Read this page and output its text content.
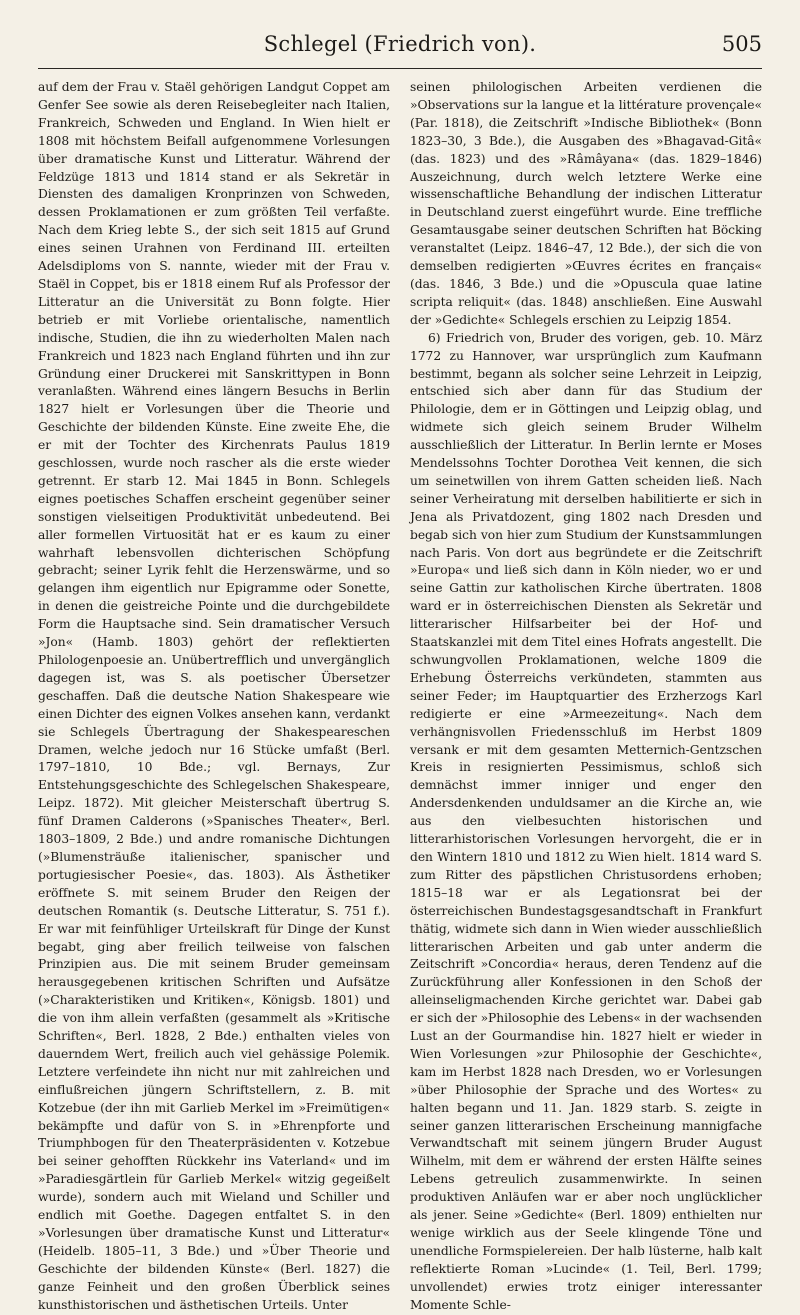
Schlegel (Friedrich von).	505

auf dem der Frau v. Staël gehörigen Landgut Coppet am Genfer See sowie als deren Reisebegleiter nach Italien, Frankreich, Schweden und England. In Wien hielt er 1808 mit höchstem Beifall aufgenommene Vorlesungen über dramatische Kunst und Litteratur. Während der Feldzüge 1813 und 1814 stand er als Sekretär in Diensten des damaligen Kronprinzen von Schweden, dessen Proklamationen er zum größten Teil verfaßte. Nach dem Krieg lebte S., der sich seit 1815 auf Grund eines seinen Urahnen von Ferdinand III. erteilten Adelsdiploms von S. nannte, wieder mit der Frau v. Staël in Coppet, bis er 1818 einem Ruf als Professor der Litteratur an die Universität zu Bonn folgte. Hier betrieb er mit Vorliebe orientalische, namentlich indische, Studien, die ihn zu wiederholten Malen nach Frankreich und 1823 nach England führten und ihn zur Gründung einer Druckerei mit Sanskrittypen in Bonn veranlaßten. Während eines längern Besuchs in Berlin 1827 hielt er Vorlesungen über die Theorie und Geschichte der bildenden Künste. Eine zweite Ehe, die er mit der Tochter des Kirchenrats Paulus 1819 geschlossen, wurde noch rascher als die erste wieder getrennt. Er starb 12. Mai 1845 in Bonn. Schlegels eignes poetisches Schaffen erscheint gegenüber seiner sonstigen vielseitigen Produktivität unbedeutend. Bei aller formellen Virtuosität hat er es kaum zu einer wahrhaft lebensvollen dichterischen Schöpfung gebracht; seiner Lyrik fehlt die Herzenswärme, und so gelangen ihm eigentlich nur Epigramme oder Sonette, in denen die geistreiche Pointe und die durchgebildete Form die Hauptsache sind. Sein dramatischer Versuch »Jon« (Hamb. 1803) gehört der reflektierten Philologenpoesie an. Unübertrefflich und unvergänglich dagegen ist, was S. als poetischer Übersetzer geschaffen. Daß die deutsche Nation Shakespeare wie einen Dichter des eignen Volkes ansehen kann, verdankt sie Schlegels Übertragung der Shakespeareschen Dramen, welche jedoch nur 16 Stücke umfaßt (Berl. 1797–1810, 10 Bde.; vgl. Bernays, Zur Entstehungsgeschichte des Schlegelschen Shakespeare, Leipz. 1872). Mit gleicher Meisterschaft übertrug S. fünf Dramen Calderons (»Spanisches Theater«, Berl. 1803–1809, 2 Bde.) und andre romanische Dichtungen (»Blumensträuße italienischer, spanischer und portugiesischer Poesie«, das. 1803). Als Ästhetiker eröffnete S. mit seinem Bruder den Reigen der deutschen Romantik (s. Deutsche Litteratur, S. 751 f.). Er war mit feinfühliger Urteilskraft für Dinge der Kunst begabt, ging aber freilich teilweise von falschen Prinzipien aus. Die mit seinem Bruder gemeinsam herausgegebenen kritischen Schriften und Aufsätze (»Charakteristiken und Kritiken«, Königsb. 1801) und die von ihm allein verfaßten (gesammelt als »Kritische Schriften«, Berl. 1828, 2 Bde.) enthalten vieles von dauerndem Wert, freilich auch viel gehässige Polemik. Letztere verfeindete ihn nicht nur mit zahlreichen und einflußreichen jüngern Schriftstellern, z. B. mit Kotzebue (der ihn mit Garlieb Merkel im »Freimütigen« bekämpfte und dafür von S. in »Ehrenpforte und Triumphbogen für den Theaterpräsidenten v. Kotzebue bei seiner gehofften Rückkehr ins Vaterland« und im »Paradiesgärtlein für Garlieb Merkel« witzig gegeißelt wurde), sondern auch mit Wieland und Schiller und endlich mit Goethe. Dagegen entfaltet S. in den »Vorlesungen über dramatische Kunst und Litteratur« (Heidelb. 1805–11, 3 Bde.) und »Über Theorie und Geschichte der bildenden Künste« (Berl. 1827) die ganze Feinheit und den großen Überblick seines kunsthistorischen und ästhetischen Urteils. Unter

seinen philologischen Arbeiten verdienen die »Observations sur la langue et la littérature provençale« (Par. 1818), die Zeitschrift »Indische Bibliothek« (Bonn 1823–30, 3 Bde.), die Ausgaben des »Bhagavad-Gitâ« (das. 1823) und des »Râmâyana« (das. 1829–1846) Auszeichnung, durch welch letztere Werke eine wissenschaftliche Behandlung der indischen Litteratur in Deutschland zuerst eingeführt wurde. Eine treffliche Gesamtausgabe seiner deutschen Schriften hat Böcking veranstaltet (Leipz. 1846–47, 12 Bde.), der sich die von demselben redigierten »Œuvres écrites en français« (das. 1846, 3 Bde.) und die »Opuscula quae latine scripta reliquit« (das. 1848) anschließen. Eine Auswahl der »Gedichte« Schlegels erschien zu Leipzig 1854.

6) Friedrich von, Bruder des vorigen, geb. 10. März 1772 zu Hannover, war ursprünglich zum Kaufmann bestimmt, begann als solcher seine Lehrzeit in Leipzig, entschied sich aber dann für das Studium der Philologie, dem er in Göttingen und Leipzig oblag, und widmete sich gleich seinem Bruder Wilhelm ausschließlich der Litteratur. In Berlin lernte er Moses Mendelssohns Tochter Dorothea Veit kennen, die sich um seinetwillen von ihrem Gatten scheiden ließ. Nach seiner Verheiratung mit derselben habilitierte er sich in Jena als Privatdozent, ging 1802 nach Dresden und begab sich von hier zum Studium der Kunstsammlungen nach Paris. Von dort aus begründete er die Zeitschrift »Europa« und ließ sich dann in Köln nieder, wo er und seine Gattin zur katholischen Kirche übertraten. 1808 ward er in österreichischen Diensten als Sekretär und litterarischer Hilfsarbeiter bei der Hof- und Staatskanzlei mit dem Titel eines Hofrats angestellt. Die schwungvollen Proklamationen, welche 1809 die Erhebung Österreichs verkündeten, stammten aus seiner Feder; im Hauptquartier des Erzherzogs Karl redigierte er eine »Armeezeitung«. Nach dem verhängnisvollen Friedensschluß im Herbst 1809 versank er mit dem gesamten Metternich-Gentzschen Kreis in resignierten Pessimismus, schloß sich demnächst immer inniger und enger den Andersdenkenden unduldsamer an die Kirche an, wie aus den vielbesuchten historischen und litterarhistorischen Vorlesungen hervorgeht, die er in den Wintern 1810 und 1812 zu Wien hielt. 1814 ward S. zum Ritter des päpstlichen Christusordens erhoben; 1815–18 war er als Legationsrat bei der österreichischen Bundestagsgesandtschaft in Frankfurt thätig, widmete sich dann in Wien wieder ausschließlich litterarischen Arbeiten und gab unter anderm die Zeitschrift »Concordia« heraus, deren Tendenz auf die Zurückführung aller Konfessionen in den Schoß der alleinseligmachenden Kirche gerichtet war. Dabei gab er sich der »Philosophie des Lebens« in der wachsenden Lust an der Gourmandise hin. 1827 hielt er wieder in Wien Vorlesungen »zur Philosophie der Geschichte«, kam im Herbst 1828 nach Dresden, wo er Vorlesungen »über Philosophie der Sprache und des Wortes« zu halten begann und 11. Jan. 1829 starb. S. zeigte in seiner ganzen litterarischen Erscheinung mannigfache Verwandtschaft mit seinem jüngern Bruder August Wilhelm, mit dem er während der ersten Hälfte seines Lebens getreulich zusammenwirkte. In seinen produktiven Anläufen war er aber noch unglücklicher als jener. Seine »Gedichte« (Berl. 1809) enthielten nur wenige wirklich aus der Seele klingende Töne und unendliche Formspielereien. Der halb lüsterne, halb kalt reflektierte Roman »Lucinde« (1. Teil, Berl. 1799; unvollendet) erwies trotz einiger interessanter Momente Schle-
